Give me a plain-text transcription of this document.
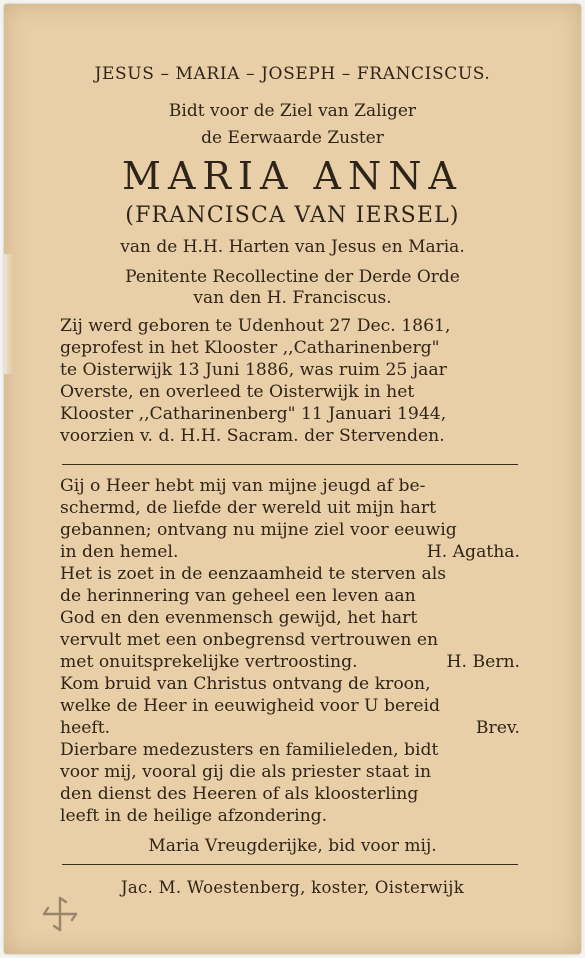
JESUS – MARIA – JOSEPH – FRANCISCUS.
Bidt voor de Ziel van Zaliger
de Eerwaarde Zuster
MARIA ANNA
(FRANCISCA VAN IERSEL)
van de H.H. Harten van Jesus en Maria.
Penitente Recollectine der Derde Orde
van den H. Franciscus.
Zij werd geboren te Udenhout 27 Dec. 1861,
geprofest in het Klooster ,,Catharinenberg"
te Oisterwijk 13 Juni 1886, was ruim 25 jaar
Overste, en overleed te Oisterwijk in het
Klooster ,,Catharinenberg" 11 Januari 1944,
voorzien v. d. H.H. Sacram. der Stervenden.
Gij o Heer hebt mij van mijne jeugd af be-
schermd, de liefde der wereld uit mijn hart
gebannen; ontvang nu mijne ziel voor eeuwig
in den hemel.	H. Agatha.
Het is zoet in de eenzaamheid te sterven als
de herinnering van geheel een leven aan
God en den evenmensch gewijd, het hart
vervult met een onbegrensd vertrouwen en
met onuitsprekelijke vertroosting.	H. Bern.
Kom bruid van Christus ontvang de kroon,
welke de Heer in eeuwigheid voor U bereid
heeft.	Brev.
Dierbare medezusters en familieleden, bidt
voor mij, vooral gij die als priester staat in
den dienst des Heeren of als kloosterling
leeft in de heilige afzondering.
Maria Vreugderijke, bid voor mij.
Jac. M. Woestenberg, koster, Oisterwijk
